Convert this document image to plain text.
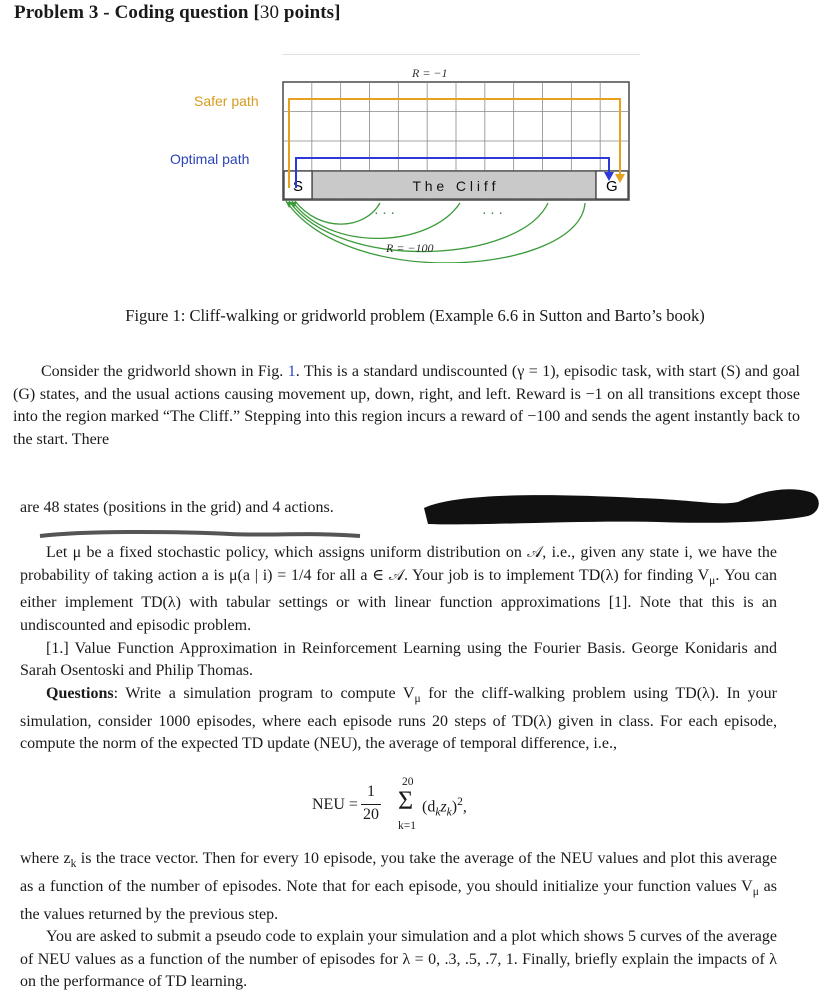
Problem 3 - Coding question [30 points]
T h e   C l i f f
S	G
R = −1
· · ·	· · ·
R = −100
Safer path
Optimal path
Figure 1: Cliff-walking or gridworld problem (Example 6.6 in Sutton and Barto’s book)
Consider the gridworld shown in Fig. 1. This is a standard undiscounted (γ = 1), episodic task, with start (S) and goal (G) states, and the usual actions causing movement up, down, right, and left. Reward is −1 on all transitions except those into the region marked “The Cliff.” Stepping into this region incurs a reward of −100 and sends the agent instantly back to the start. There
are 48 states (positions in the grid) and 4 actions.
Let μ be a fixed stochastic policy, which assigns uniform distribution on 𝒜, i.e., given any state i, we have the probability of taking action a is μ(a | i) = 1/4 for all a ∈ 𝒜. Your job is to implement TD(λ) for finding $V_\mu$. You can either implement TD(λ) with tabular settings or with linear function approximations [1]. Note that this is an undiscounted and episodic problem.
[1.] Value Function Approximation in Reinforcement Learning using the Fourier Basis. George Konidaris and Sarah Osentoski and Philip Thomas.
Questions: Write a simulation program to compute $V_\mu$ for the cliff-walking problem using TD(λ). In your simulation, consider 1000 episodes, where each episode runs 20 steps of TD(λ) given in class. For each episode, compute the norm of the expected TD update (NEU), the average of temporal difference, i.e.,
NEU =
1
20
20
Σ
k=1
$(d_kz_k)^2$,
where $z_k$ is the trace vector. Then for every 10 episode, you take the average of the NEU values and plot this average as a function of the number of episodes. Note that for each episode, you should initialize your function values $V_\mu$ as the values returned by the previous step.
You are asked to submit a pseudo code to explain your simulation and a plot which shows 5 curves of the average of NEU values as a function of the number of episodes for λ = 0, .3, .5, .7, 1. Finally, briefly explain the impacts of λ on the performance of TD learning.
